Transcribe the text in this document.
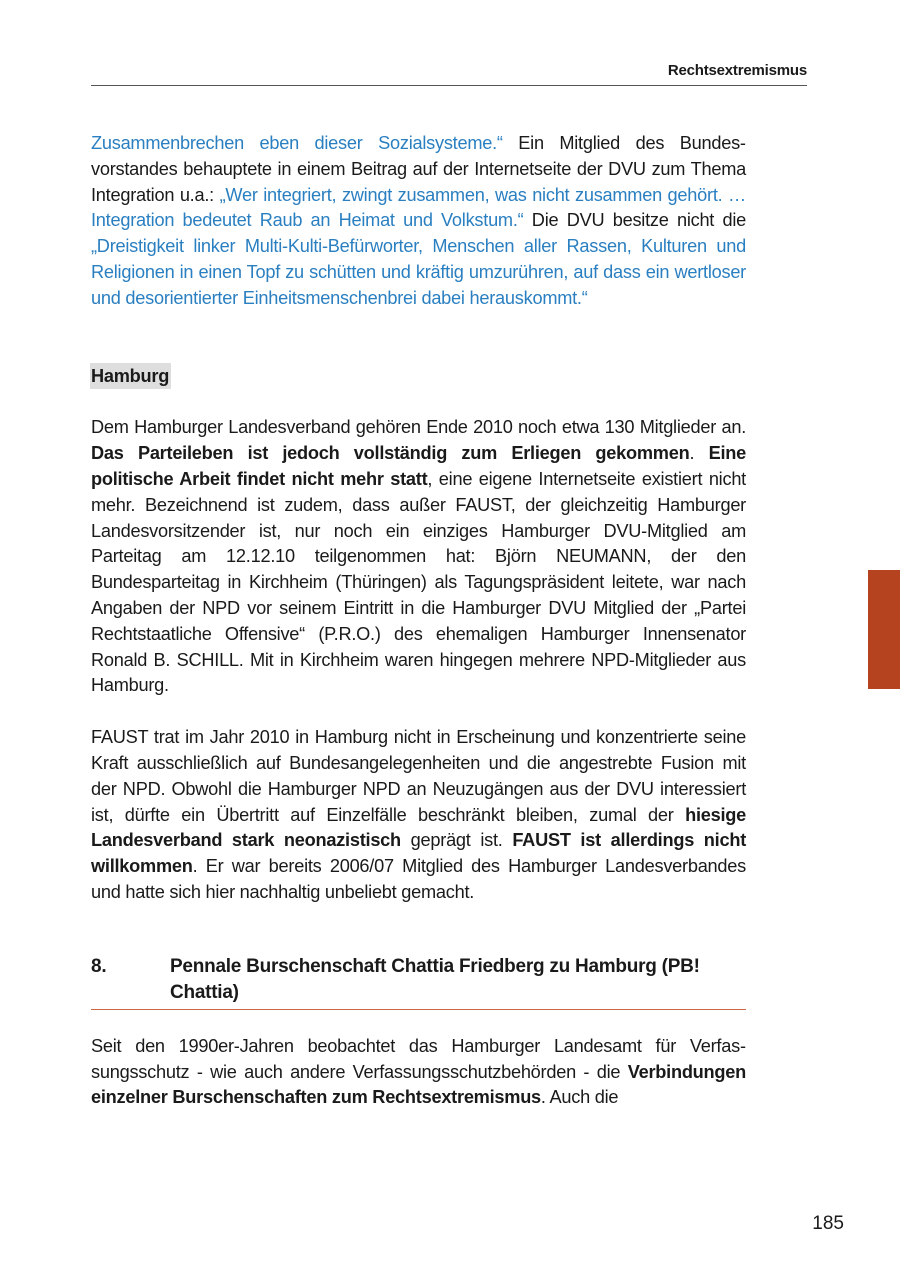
Rechtsextremismus

Zusammenbrechen eben dieser Sozialsysteme.“ Ein Mitglied des Bundesvorstandes behauptete in einem Beitrag auf der Internetseite der DVU zum Thema Integration u.a.: „Wer integriert, zwingt zusammen, was nicht zusammen gehört. … Integration bedeutet Raub an Heimat und Volkstum.“ Die DVU besitze nicht die „Dreistigkeit linker Multi-Kulti-Befürworter, Menschen aller Rassen, Kulturen und Religionen in einen Topf zu schütten und kräftig umzurühren, auf dass ein wertloser und desorientierter Einheitsmenschenbrei dabei herauskommt.“

Hamburg

Dem Hamburger Landesverband gehören Ende 2010 noch etwa 130 Mitglieder an. Das Parteileben ist jedoch vollständig zum Erliegen gekommen. Eine politische Arbeit findet nicht mehr statt, eine eigene Internetseite existiert nicht mehr. Bezeichnend ist zudem, dass außer FAUST, der gleichzeitig Hamburger Landesvorsitzender ist, nur noch ein einziges Hamburger DVU-Mitglied am Parteitag am 12.12.10 teilgenommen hat: Björn NEUMANN, der den Bundesparteitag in Kirchheim (Thüringen) als Tagungspräsident leitete, war nach Angaben der NPD vor seinem Eintritt in die Hamburger DVU Mitglied der „Partei Rechtstaatliche Offensive“ (P.R.O.) des ehemaligen Hamburger Innensenator Ronald B. SCHILL. Mit in Kirchheim waren hingegen mehrere NPD-Mitglieder aus Hamburg.

FAUST trat im Jahr 2010 in Hamburg nicht in Erscheinung und konzentrierte seine Kraft ausschließlich auf Bundesangelegenheiten und die angestrebte Fusion mit der NPD. Obwohl die Hamburger NPD an Neuzugängen aus der DVU interessiert ist, dürfte ein Übertritt auf Einzelfälle beschränkt bleiben, zumal der hiesige Landesverband stark neonazistisch geprägt ist. FAUST ist allerdings nicht willkommen. Er war bereits 2006/07 Mitglied des Hamburger Landesverbandes und hatte sich hier nachhaltig unbeliebt gemacht.

8.	Pennale Burschenschaft Chattia Friedberg zu Hamburg (PB! Chattia)

Seit den 1990er-Jahren beobachtet das Hamburger Landesamt für Verfassungsschutz - wie auch andere Verfassungsschutzbehörden - die Verbindungen einzelner Burschenschaften zum Rechtsextremismus. Auch die

185
